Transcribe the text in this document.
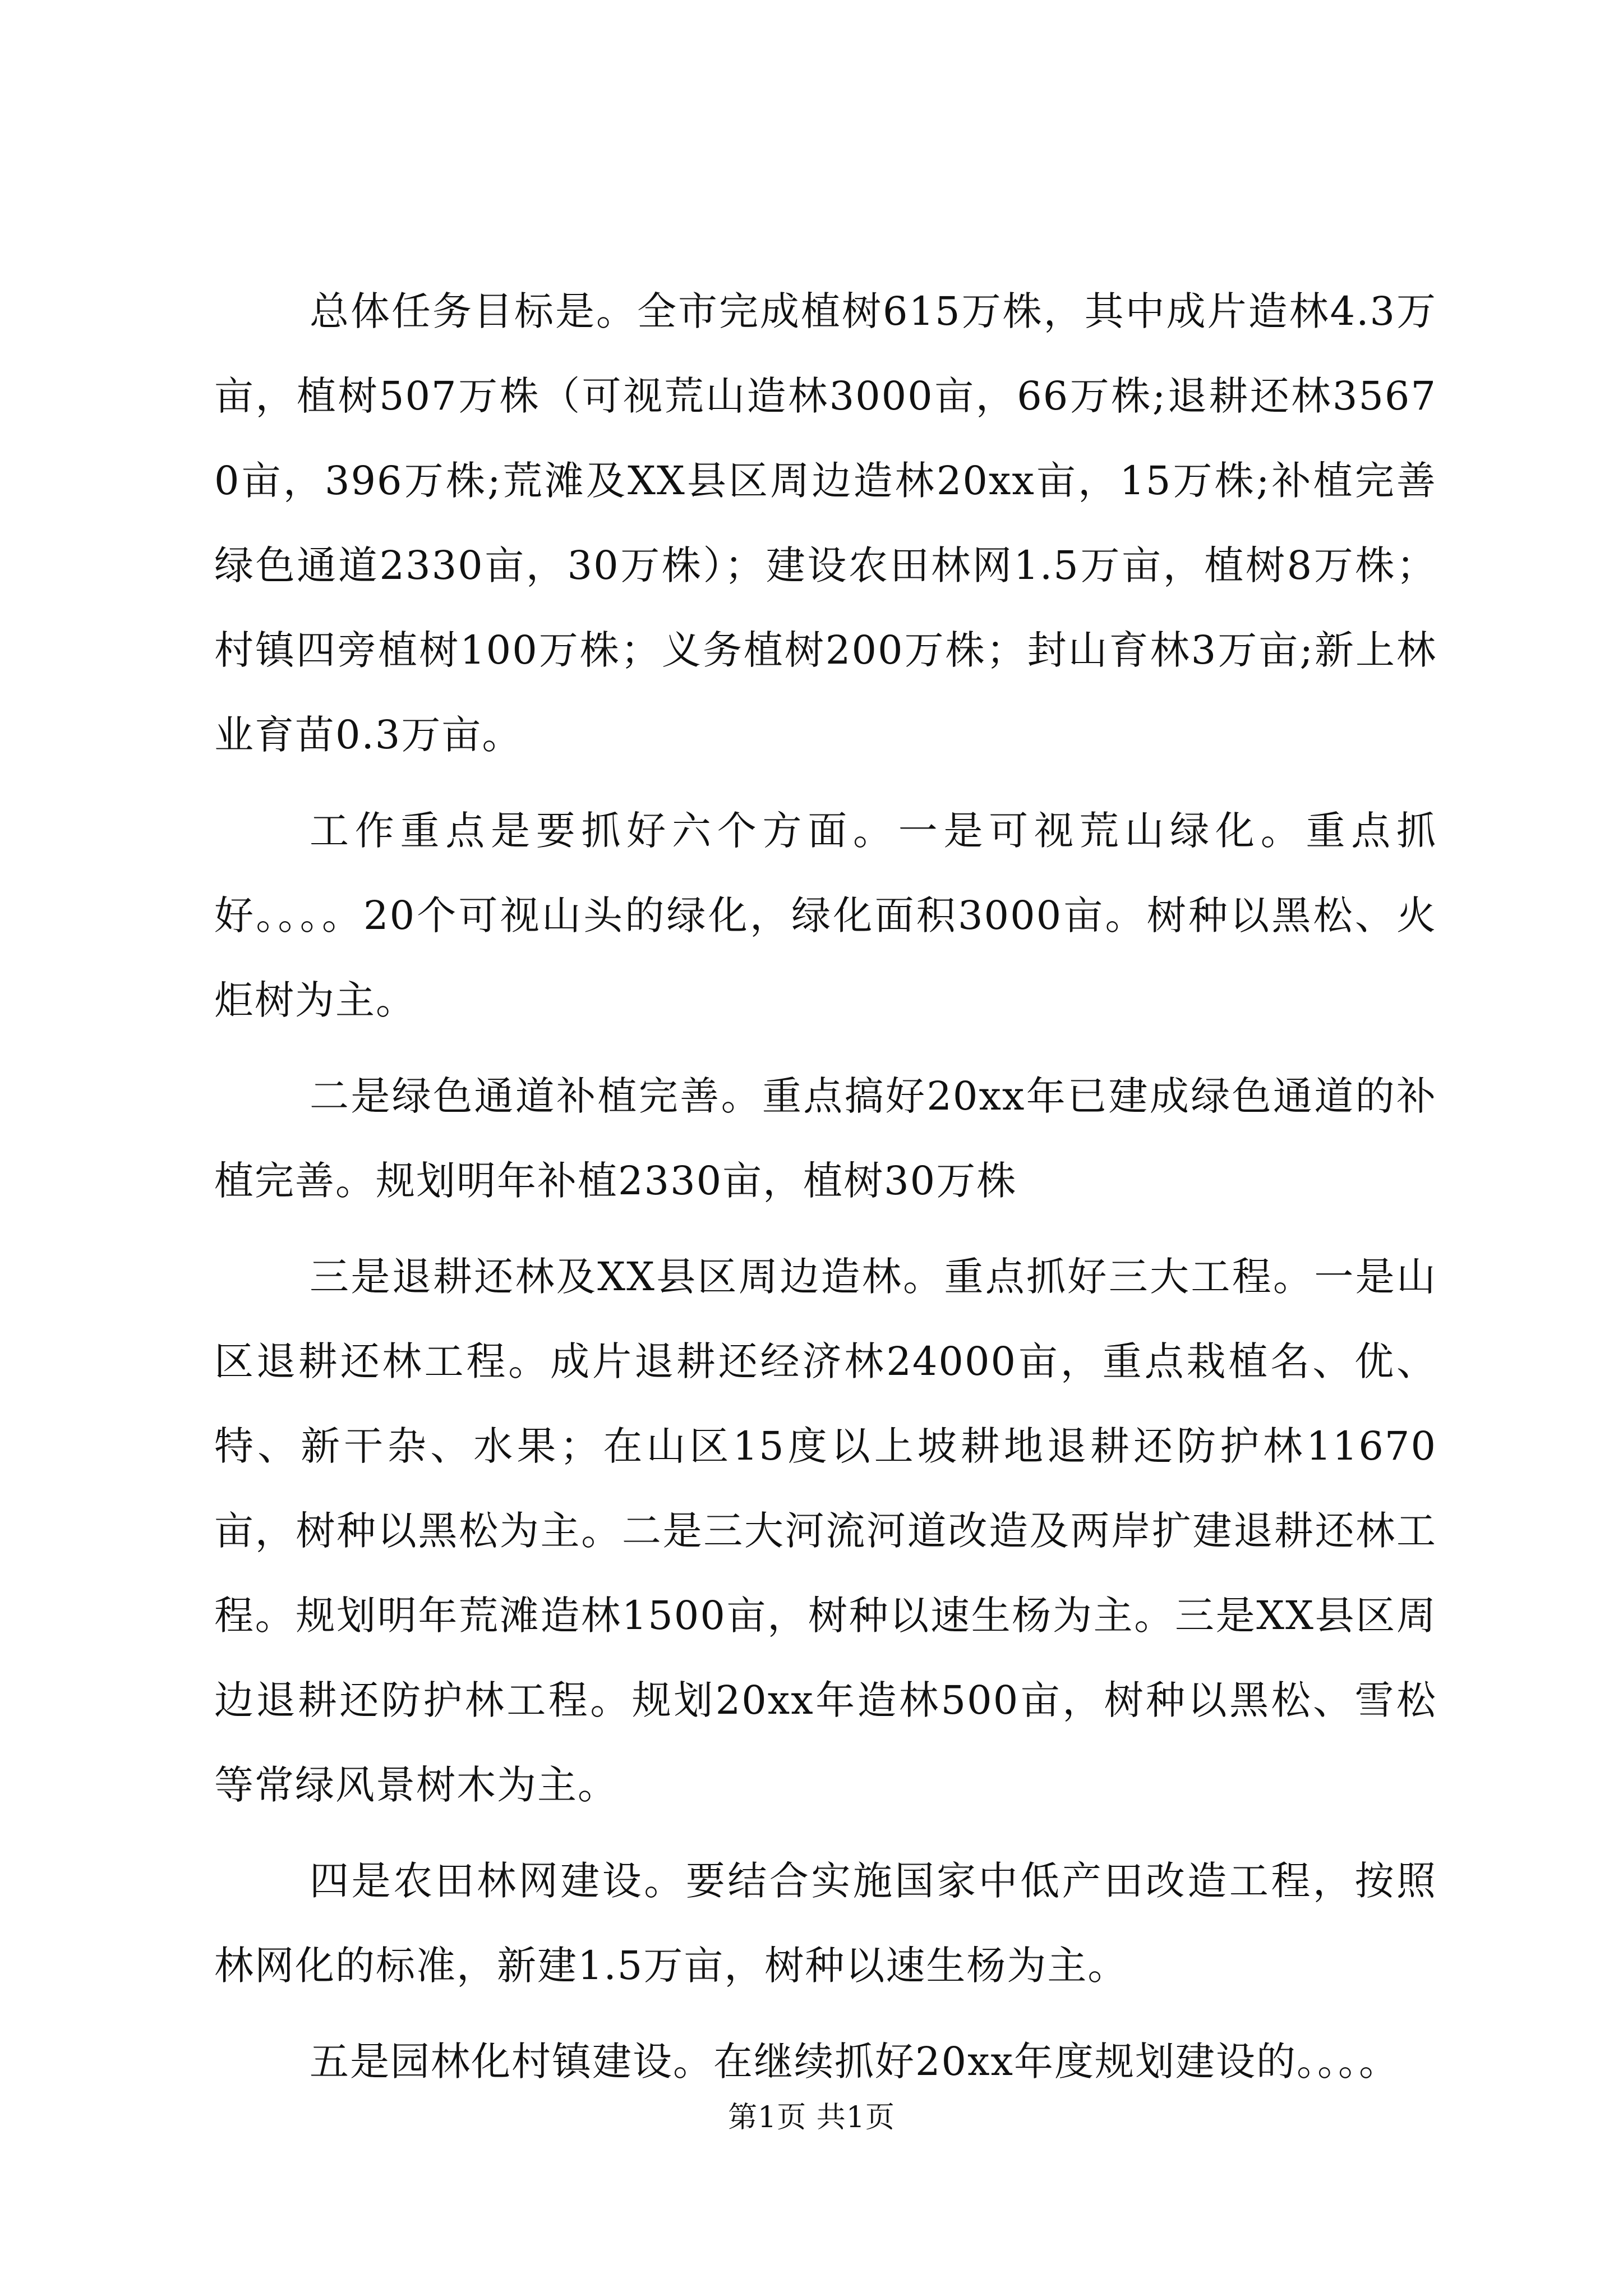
总体任务目标是。全市完成植树615万株，其中成片造林4.3万亩，植树507万株（可视荒山造林3000亩，66万株;退耕还林35670亩，396万株;荒滩及XX县区周边造林20xx亩，15万株;补植完善绿色通道2330亩，30万株）；建设农田林网1.5万亩，植树8万株；村镇四旁植树100万株；义务植树200万株；封山育林3万亩;新上林业育苗0.3万亩。

工作重点是要抓好六个方面。一是可视荒山绿化。重点抓好。。。。20个可视山头的绿化，绿化面积3000亩。树种以黑松、火炬树为主。

二是绿色通道补植完善。重点搞好20xx年已建成绿色通道的补植完善。规划明年补植2330亩，植树30万株

三是退耕还林及XX县区周边造林。重点抓好三大工程。一是山区退耕还林工程。成片退耕还经济林24000亩，重点栽植名、优、特、新干杂、水果；在山区15度以上坡耕地退耕还防护林11670亩，树种以黑松为主。二是三大河流河道改造及两岸扩建退耕还林工程。规划明年荒滩造林1500亩，树种以速生杨为主。三是XX县区周边退耕还防护林工程。规划20xx年造林500亩，树种以黑松、雪松等常绿风景树木为主。

四是农田林网建设。要结合实施国家中低产田改造工程，按照林网化的标准，新建1.5万亩，树种以速生杨为主。

五是园林化村镇建设。在继续抓好20xx年度规划建设的。。。。

第1页 共1页
